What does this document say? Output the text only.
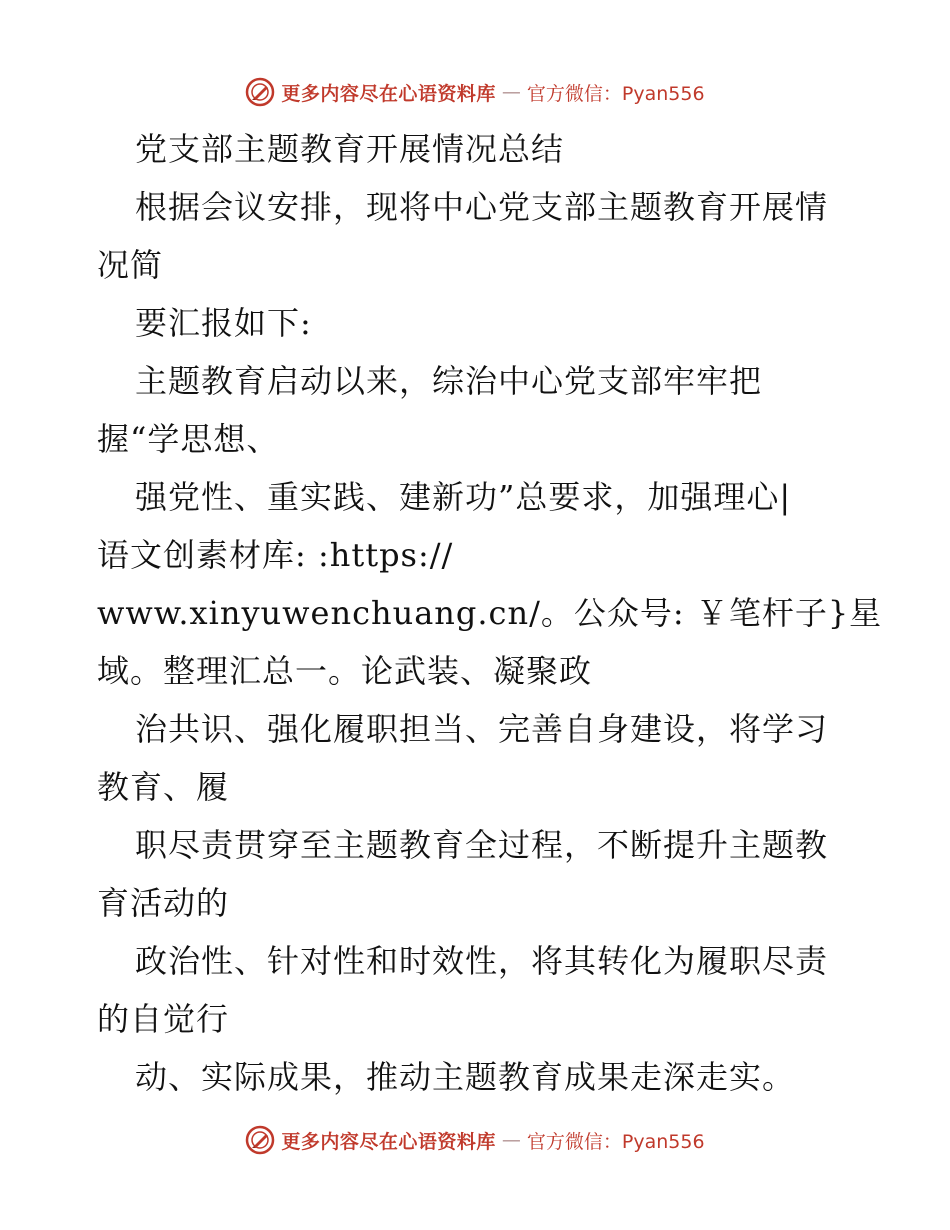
更多内容尽在心语资料库 — 官方微信：Pyan556
党支部主题教育开展情况总结
根据会议安排，现将中心党支部主题教育开展情
况简
要汇报如下:
主题教育启动以来，综治中心党支部牢牢把
握“学思想、
强党性、重实践、建新功”总要求，加强理心|
语文创素材库: :https://
www.xinyuwenchuang.cn/。公众号: ￥笔杆子}星
域。整理汇总一。论武装、凝聚政
治共识、强化履职担当、完善自身建设，将学习
教育、履
职尽责贯穿至主题教育全过程，不断提升主题教
育活动的
政治性、针对性和时效性，将其转化为履职尽责
的自觉行
动、实际成果，推动主题教育成果走深走实。
更多内容尽在心语资料库 — 官方微信：Pyan556
